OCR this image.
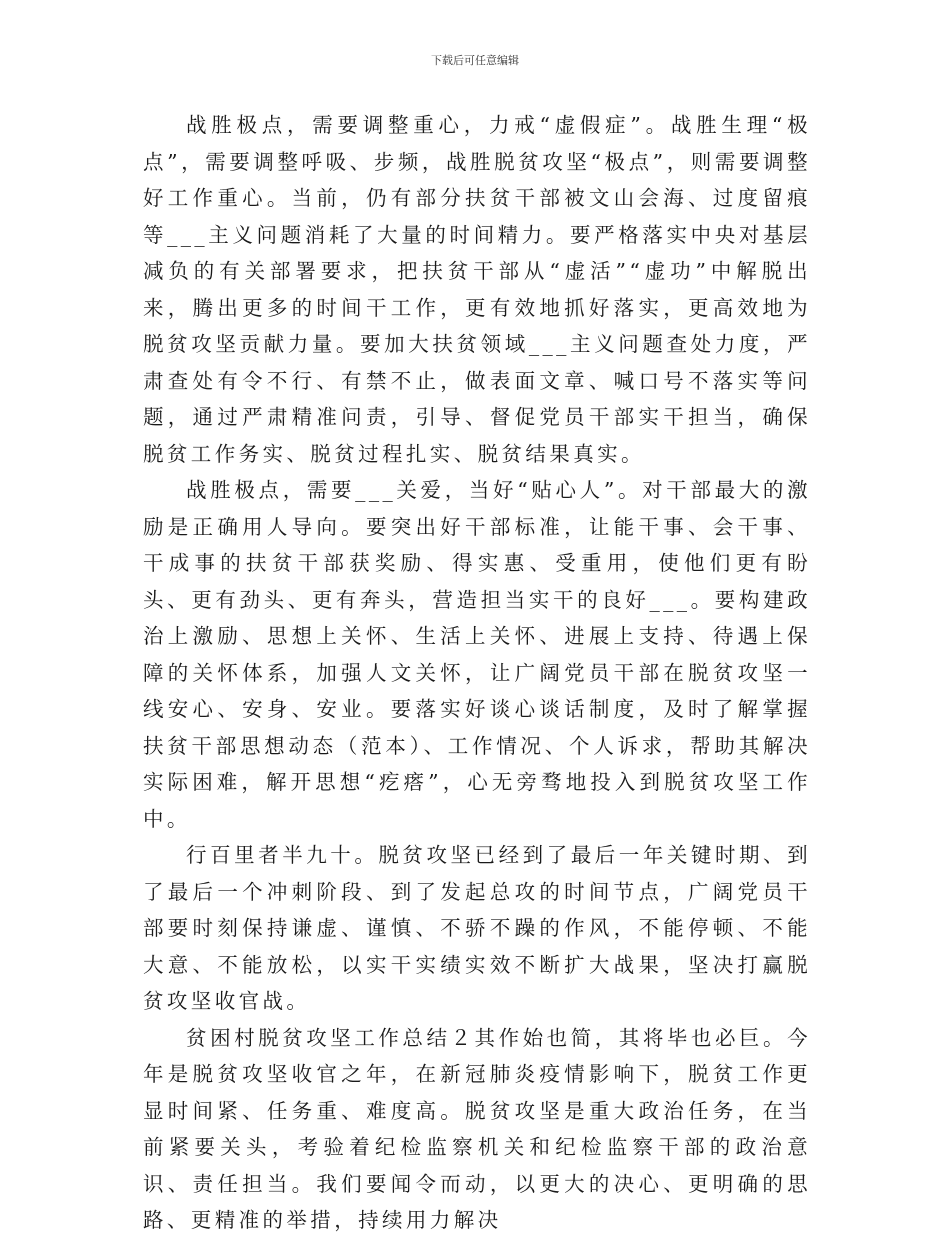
下载后可任意编辑

战胜极点，需要调整重心，力戒“虚假症”。战胜生理“极点”，需要调整呼吸、步频，战胜脱贫攻坚“极点”，则需要调整好工作重心。当前，仍有部分扶贫干部被文山会海、过度留痕等___主义问题消耗了大量的时间精力。要严格落实中央对基层减负的有关部署要求，把扶贫干部从“虚活”“虚功”中解脱出来，腾出更多的时间干工作，更有效地抓好落实，更高效地为脱贫攻坚贡献力量。要加大扶贫领域___主义问题查处力度，严肃查处有令不行、有禁不止，做表面文章、喊口号不落实等问题，通过严肃精准问责，引导、督促党员干部实干担当，确保脱贫工作务实、脱贫过程扎实、脱贫结果真实。

战胜极点，需要___关爱，当好“贴心人”。对干部最大的激励是正确用人导向。要突出好干部标准，让能干事、会干事、干成事的扶贫干部获奖励、得实惠、受重用，使他们更有盼头、更有劲头、更有奔头，营造担当实干的良好___。要构建政治上激励、思想上关怀、生活上关怀、进展上支持、待遇上保障的关怀体系，加强人文关怀，让广阔党员干部在脱贫攻坚一线安心、安身、安业。要落实好谈心谈话制度，及时了解掌握扶贫干部思想动态（范本）、工作情况、个人诉求，帮助其解决实际困难，解开思想“疙瘩”，心无旁骛地投入到脱贫攻坚工作中。

行百里者半九十。脱贫攻坚已经到了最后一年关键时期、到了最后一个冲刺阶段、到了发起总攻的时间节点，广阔党员干部要时刻保持谦虚、谨慎、不骄不躁的作风，不能停顿、不能大意、不能放松，以实干实绩实效不断扩大战果，坚决打赢脱贫攻坚收官战。

贫困村脱贫攻坚工作总结２其作始也简，其将毕也必巨。今年是脱贫攻坚收官之年，在新冠肺炎疫情影响下，脱贫工作更显时间紧、任务重、难度高。脱贫攻坚是重大政治任务，在当前紧要关头，考验着纪检监察机关和纪检监察干部的政治意识、责任担当。我们要闻令而动，以更大的决心、更明确的思路、更精准的举措，持续用力解决
